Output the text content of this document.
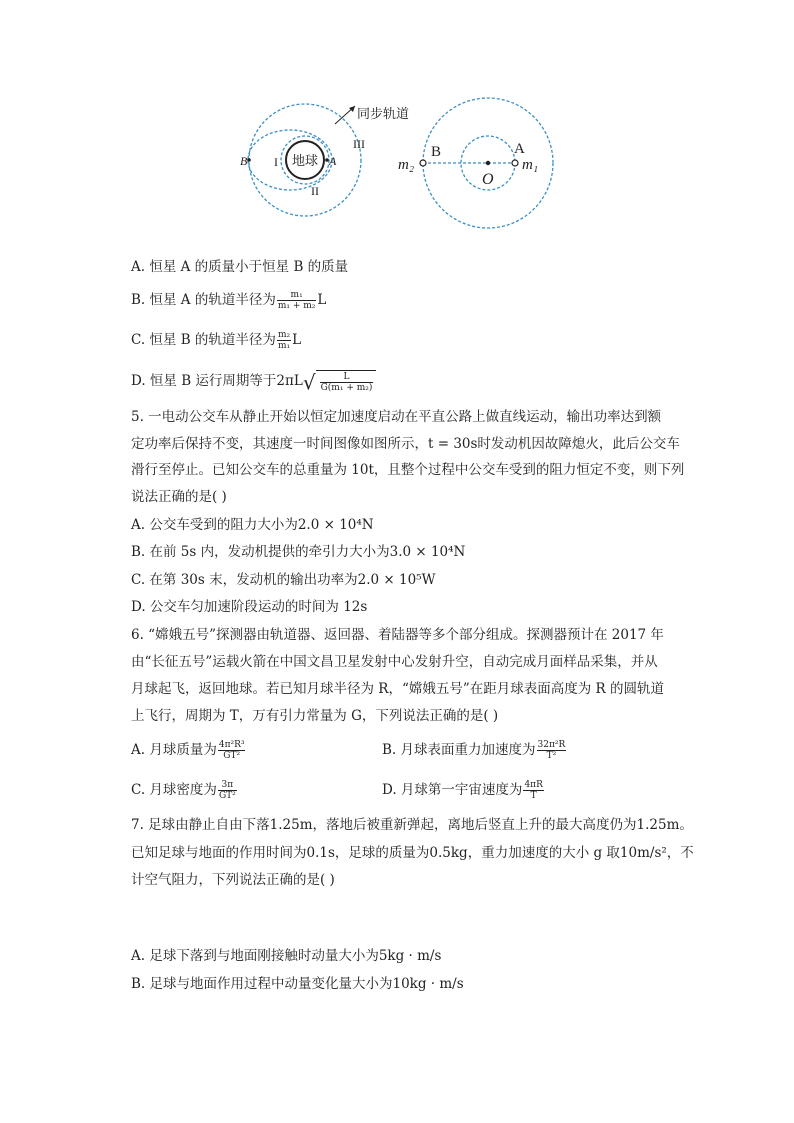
同步轨道
III
II
I 地球
B	A
B	A
m₂	m₁
O
A. 恒星 A 的质量小于恒星 B 的质量
B. 恒星 A 的轨道半径为 $\frac{\text{m₁}}{\text{m₁ + m₂}}$ L
C. 恒星 B 的轨道半径为 $\frac{\text{m₂}}{\text{m₁}}$ L
D. 恒星 B 运行周期等于$2\pi L√ \frac{L}{\text{G(m₁ + m₂)}}$
5. 一电动公交车从静止开始以恒定加速度启动在平直公路上做直线运动，输出功率达到额
定功率后保持不变，其速度一时间图像如图所示，t = 30s时发动机因故障熄火，此后公交车
滑行至停止。已知公交车的总重量为 10t，且整个过程中公交车受到的阻力恒定不变，则下列
说法正确的是( )
A. 公交车受到的阻力大小为2.0 × 10⁴N
B. 在前 5s 内，发动机提供的牵引力大小为3.0 × 10⁴N
C. 在第 30s 末，发动机的输出功率为2.0 × 10⁵W
D. 公交车匀加速阶段运动的时间为 12s
6. “嫦娥五号”探测器由轨道器、返回器、着陆器等多个部分组成。探测器预计在 2017 年
由“长征五号”运载火箭在中国文昌卫星发射中心发射升空，自动完成月面样品采集，并从
月球起飞，返回地球。若已知月球半径为 R，“嫦娥五号”在距月球表面高度为 R 的圆轨道
上飞行，周期为 T，万有引力常量为 G，下列说法正确的是( )
A. 月球质量为 $\frac{\text{4π²R³}}{\text{GT²}}$	B. 月球表面重力加速度为 $\frac{\text{32π²R}}{\text{T²}}$
C. 月球密度为 $\frac{3\pi}{\text{GT²}}$	D. 月球第一宇宙速度为 $\frac{4\pi R}{T}$
7. 足球由静止自由下落1.25m，落地后被重新弹起，离地后竖直上升的最大高度仍为1.25m。
已知足球与地面的作用时间为0.1s，足球的质量为0.5kg，重力加速度的大小 g 取10m/s²，不
计空气阻力，下列说法正确的是( )
A. 足球下落到与地面刚接触时动量大小为5kg · m/s
B. 足球与地面作用过程中动量变化量大小为10kg · m/s
